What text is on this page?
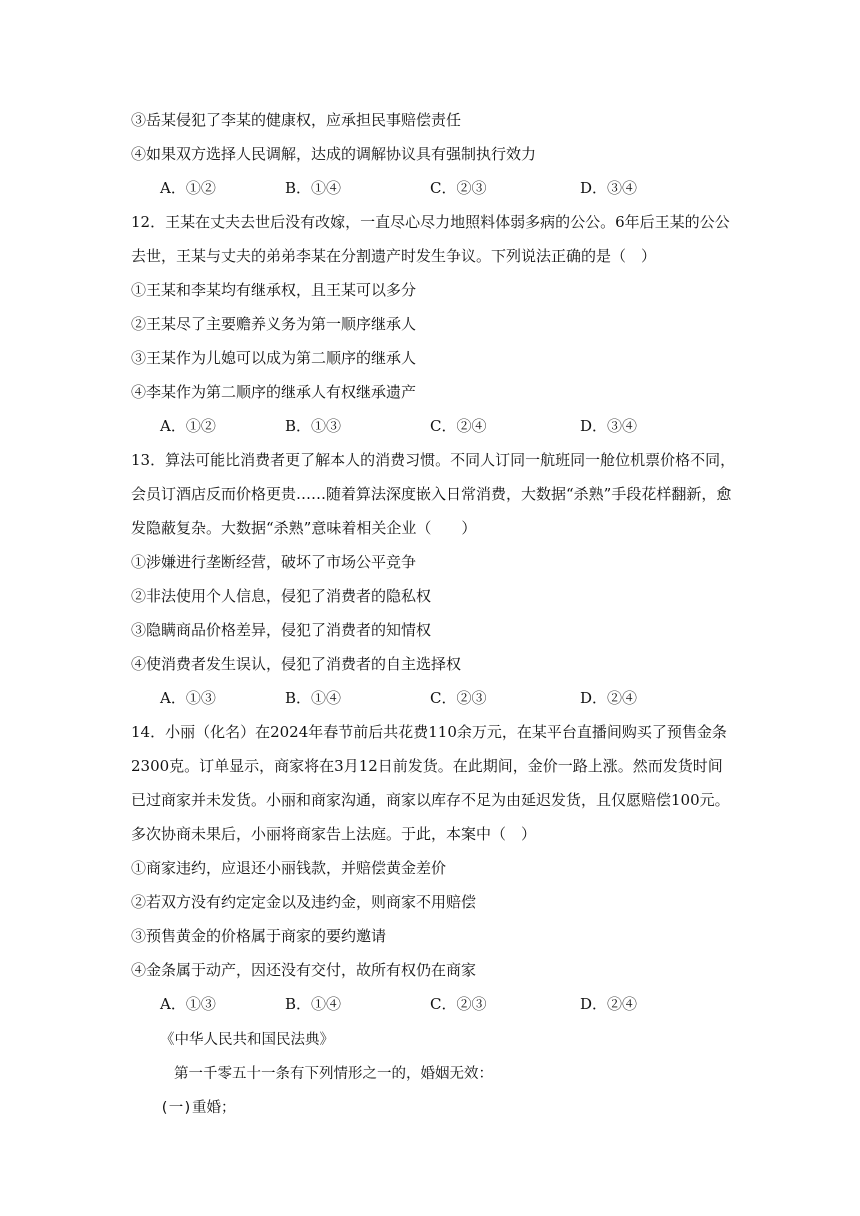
③岳某侵犯了李某的健康权，应承担民事赔偿责任
④如果双方选择人民调解，达成的调解协议具有强制执行效力
A．①②	B．①④	C．②③	D．③④
12．王某在丈夫去世后没有改嫁，一直尽心尽力地照料体弱多病的公公。6年后王某的公公
去世，王某与丈夫的弟弟李某在分割遗产时发生争议。下列说法正确的是（　）
①王某和李某均有继承权，且王某可以多分
②王某尽了主要赡养义务为第一顺序继承人
③王某作为儿媳可以成为第二顺序的继承人
④李某作为第二顺序的继承人有权继承遗产
A．①②	B．①③	C．②④	D．③④
13．算法可能比消费者更了解本人的消费习惯。不同人订同一航班同一舱位机票价格不同，
会员订酒店反而价格更贵……随着算法深度嵌入日常消费，大数据“杀熟”手段花样翻新，愈
发隐蔽复杂。大数据“杀熟”意味着相关企业（　　）
①涉嫌进行垄断经营，破坏了市场公平竞争
②非法使用个人信息，侵犯了消费者的隐私权
③隐瞒商品价格差异，侵犯了消费者的知情权
④使消费者发生误认，侵犯了消费者的自主选择权
A．①③	B．①④	C．②③	D．②④
14．小丽（化名）在2024年春节前后共花费110余万元，在某平台直播间购买了预售金条
2300克。订单显示，商家将在3月12日前发货。在此期间，金价一路上涨。然而发货时间
已过商家并未发货。小丽和商家沟通，商家以库存不足为由延迟发货，且仅愿赔偿100元。
多次协商未果后，小丽将商家告上法庭。于此，本案中（　）
①商家违约，应退还小丽钱款，并赔偿黄金差价
②若双方没有约定定金以及违约金，则商家不用赔偿
③预售黄金的价格属于商家的要约邀请
④金条属于动产，因还没有交付，故所有权仍在商家
A．①③	B．①④	C．②③	D．②④
《中华人民共和国民法典》
第一千零五十一条有下列情形之一的，婚姻无效：
(一)重婚；
